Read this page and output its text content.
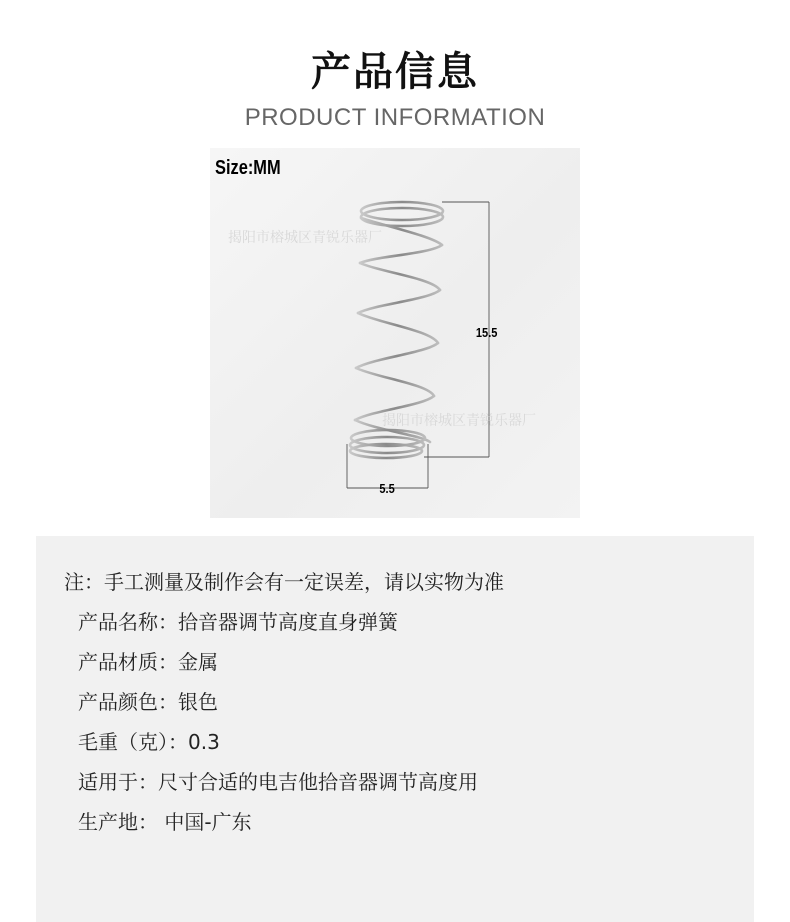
产品信息
PRODUCT INFORMATION
揭阳市榕城区青锐乐器厂
揭阳市榕城区青锐乐器厂
Size:MM
15.5
5.5
注：手工测量及制作会有一定误差，请以实物为准
产品名称：拾音器调节高度直身弹簧
产品材质：金属
产品颜色：银色
毛重（克）：0.3
适用于：尺寸合适的电吉他拾音器调节高度用
生产地： 中国-广东
